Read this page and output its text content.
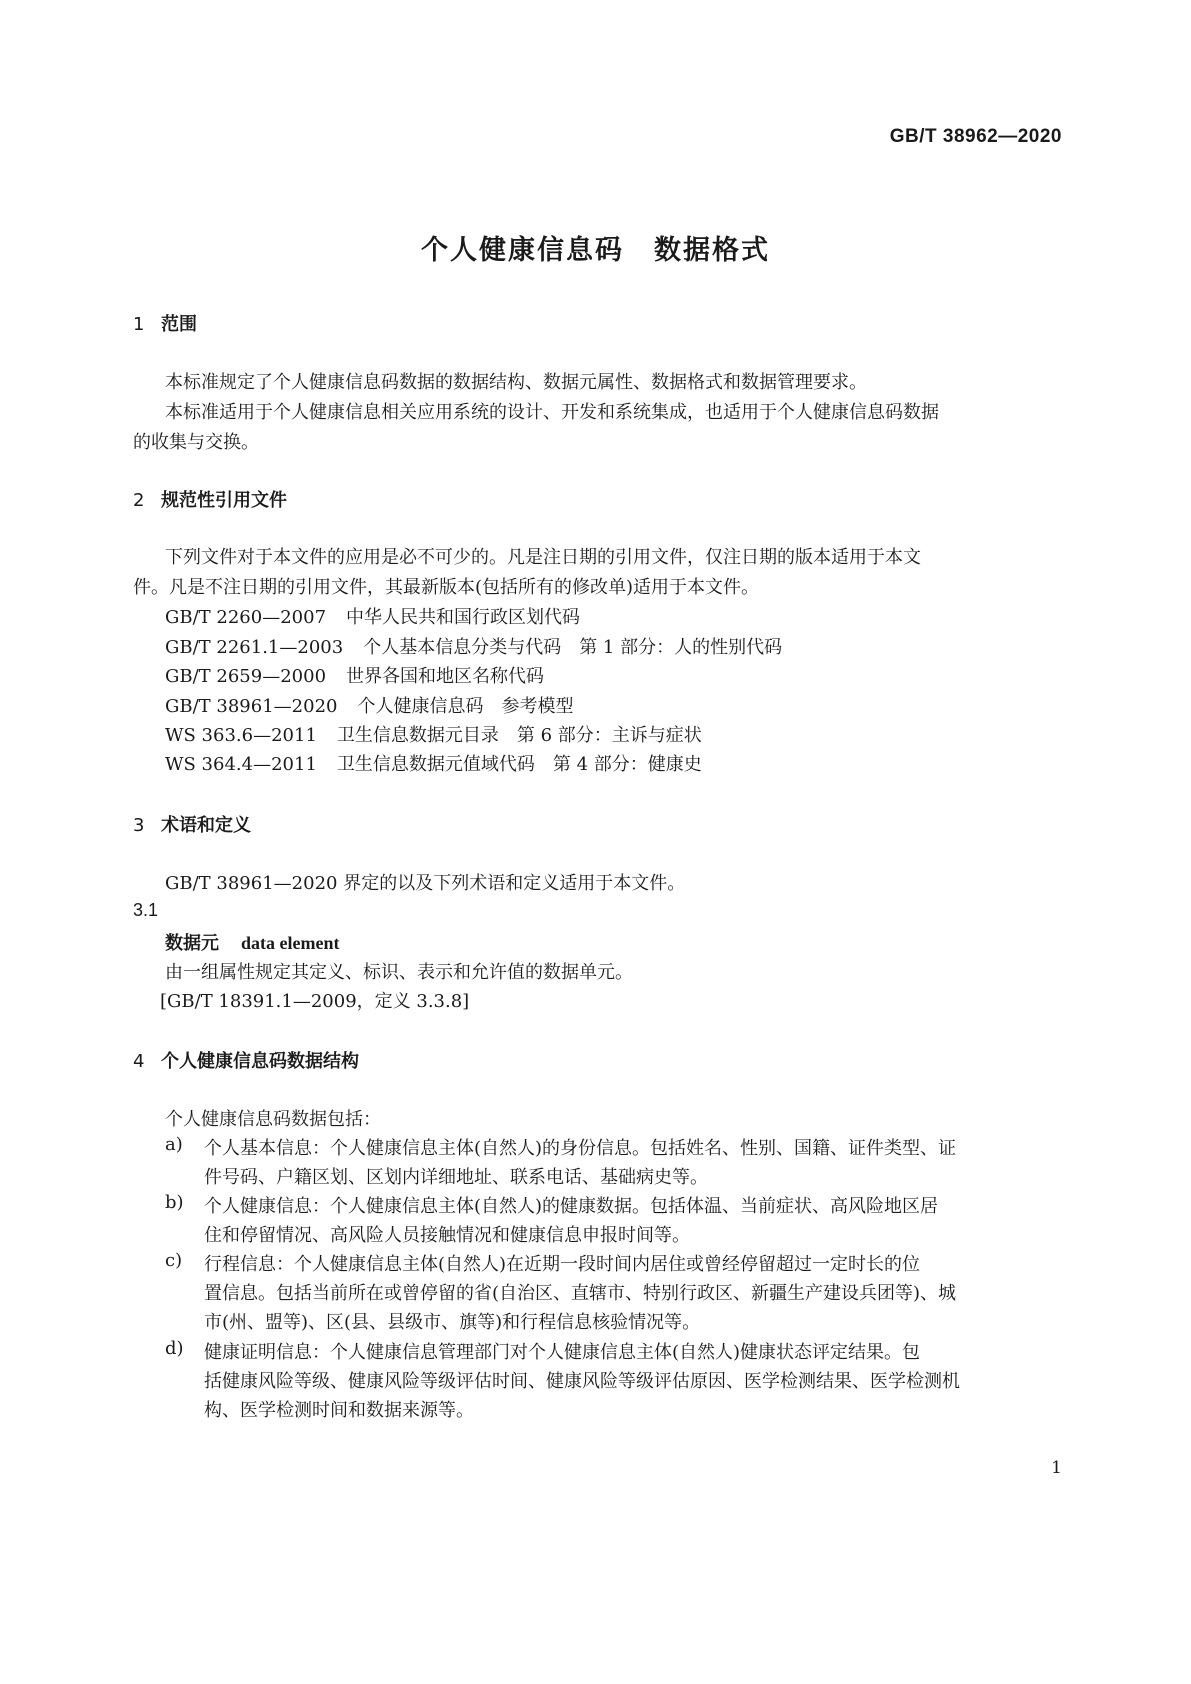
GB/T 38962—2020
个人健康信息码 数据格式
1 范围
本标准规定了个人健康信息码数据的数据结构、数据元属性、数据格式和数据管理要求。
本标准适用于个人健康信息相关应用系统的设计、开发和系统集成，也适用于个人健康信息码数据
的收集与交换。
2 规范性引用文件
下列文件对于本文件的应用是必不可少的。凡是注日期的引用文件，仅注日期的版本适用于本文
件。凡是不注日期的引用文件，其最新版本(包括所有的修改单)适用于本文件。
GB/T 2260—2007 中华人民共和国行政区划代码
GB/T 2261.1—2003 个人基本信息分类与代码　第 1 部分：人的性别代码
GB/T 2659—2000 世界各国和地区名称代码
GB/T 38961—2020 个人健康信息码　参考模型
WS 363.6—2011 卫生信息数据元目录　第 6 部分：主诉与症状
WS 364.4—2011 卫生信息数据元值域代码　第 4 部分：健康史
3 术语和定义
GB/T 38961—2020 界定的以及下列术语和定义适用于本文件。
3.1
数据元 data element
由一组属性规定其定义、标识、表示和允许值的数据单元。
[GB/T 18391.1—2009，定义 3.3.8]
4 个人健康信息码数据结构
个人健康信息码数据包括：
a) 个人基本信息：个人健康信息主体(自然人)的身份信息。包括姓名、性别、国籍、证件类型、证
件号码、户籍区划、区划内详细地址、联系电话、基础病史等。
b) 个人健康信息：个人健康信息主体(自然人)的健康数据。包括体温、当前症状、高风险地区居
住和停留情况、高风险人员接触情况和健康信息申报时间等。
c) 行程信息：个人健康信息主体(自然人)在近期一段时间内居住或曾经停留超过一定时长的位
置信息。包括当前所在或曾停留的省(自治区、直辖市、特别行政区、新疆生产建设兵团等)、城
市(州、盟等)、区(县、县级市、旗等)和行程信息核验情况等。
d) 健康证明信息：个人健康信息管理部门对个人健康信息主体(自然人)健康状态评定结果。包
括健康风险等级、健康风险等级评估时间、健康风险等级评估原因、医学检测结果、医学检测机
构、医学检测时间和数据来源等。
1
